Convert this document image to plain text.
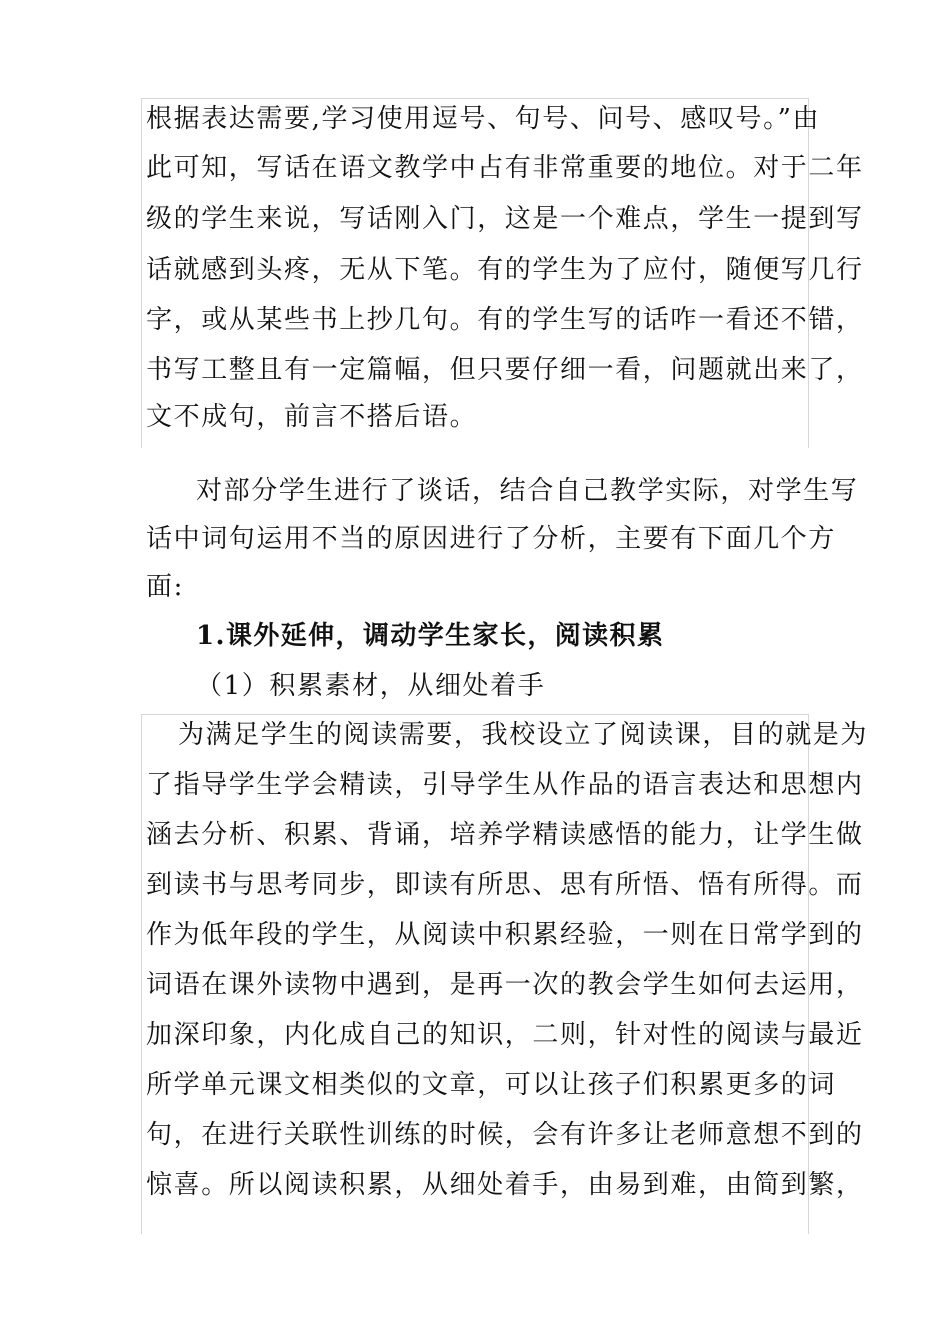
根据表达需要,学习使用逗号、句号、问号、感叹号。”由
此可知，写话在语文教学中占有非常重要的地位。对于二年
级的学生来说，写话刚入门，这是一个难点，学生一提到写
话就感到头疼，无从下笔。有的学生为了应付，随便写几行
字，或从某些书上抄几句。有的学生写的话咋一看还不错，
书写工整且有一定篇幅，但只要仔细一看，问题就出来了，
文不成句，前言不搭后语。
对部分学生进行了谈话，结合自己教学实际，对学生写
话中词句运用不当的原因进行了分析，主要有下面几个方
面:
1.课外延伸，调动学生家长，阅读积累
（1）积累素材，从细处着手
为满足学生的阅读需要，我校设立了阅读课，目的就是为
了指导学生学会精读，引导学生从作品的语言表达和思想内
涵去分析、积累、背诵，培养学精读感悟的能力，让学生做
到读书与思考同步，即读有所思、思有所悟、悟有所得。而
作为低年段的学生，从阅读中积累经验，一则在日常学到的
词语在课外读物中遇到，是再一次的教会学生如何去运用，
加深印象，内化成自己的知识，二则，针对性的阅读与最近
所学单元课文相类似的文章，可以让孩子们积累更多的词
句，在进行关联性训练的时候，会有许多让老师意想不到的
惊喜。所以阅读积累，从细处着手，由易到难，由简到繁，
